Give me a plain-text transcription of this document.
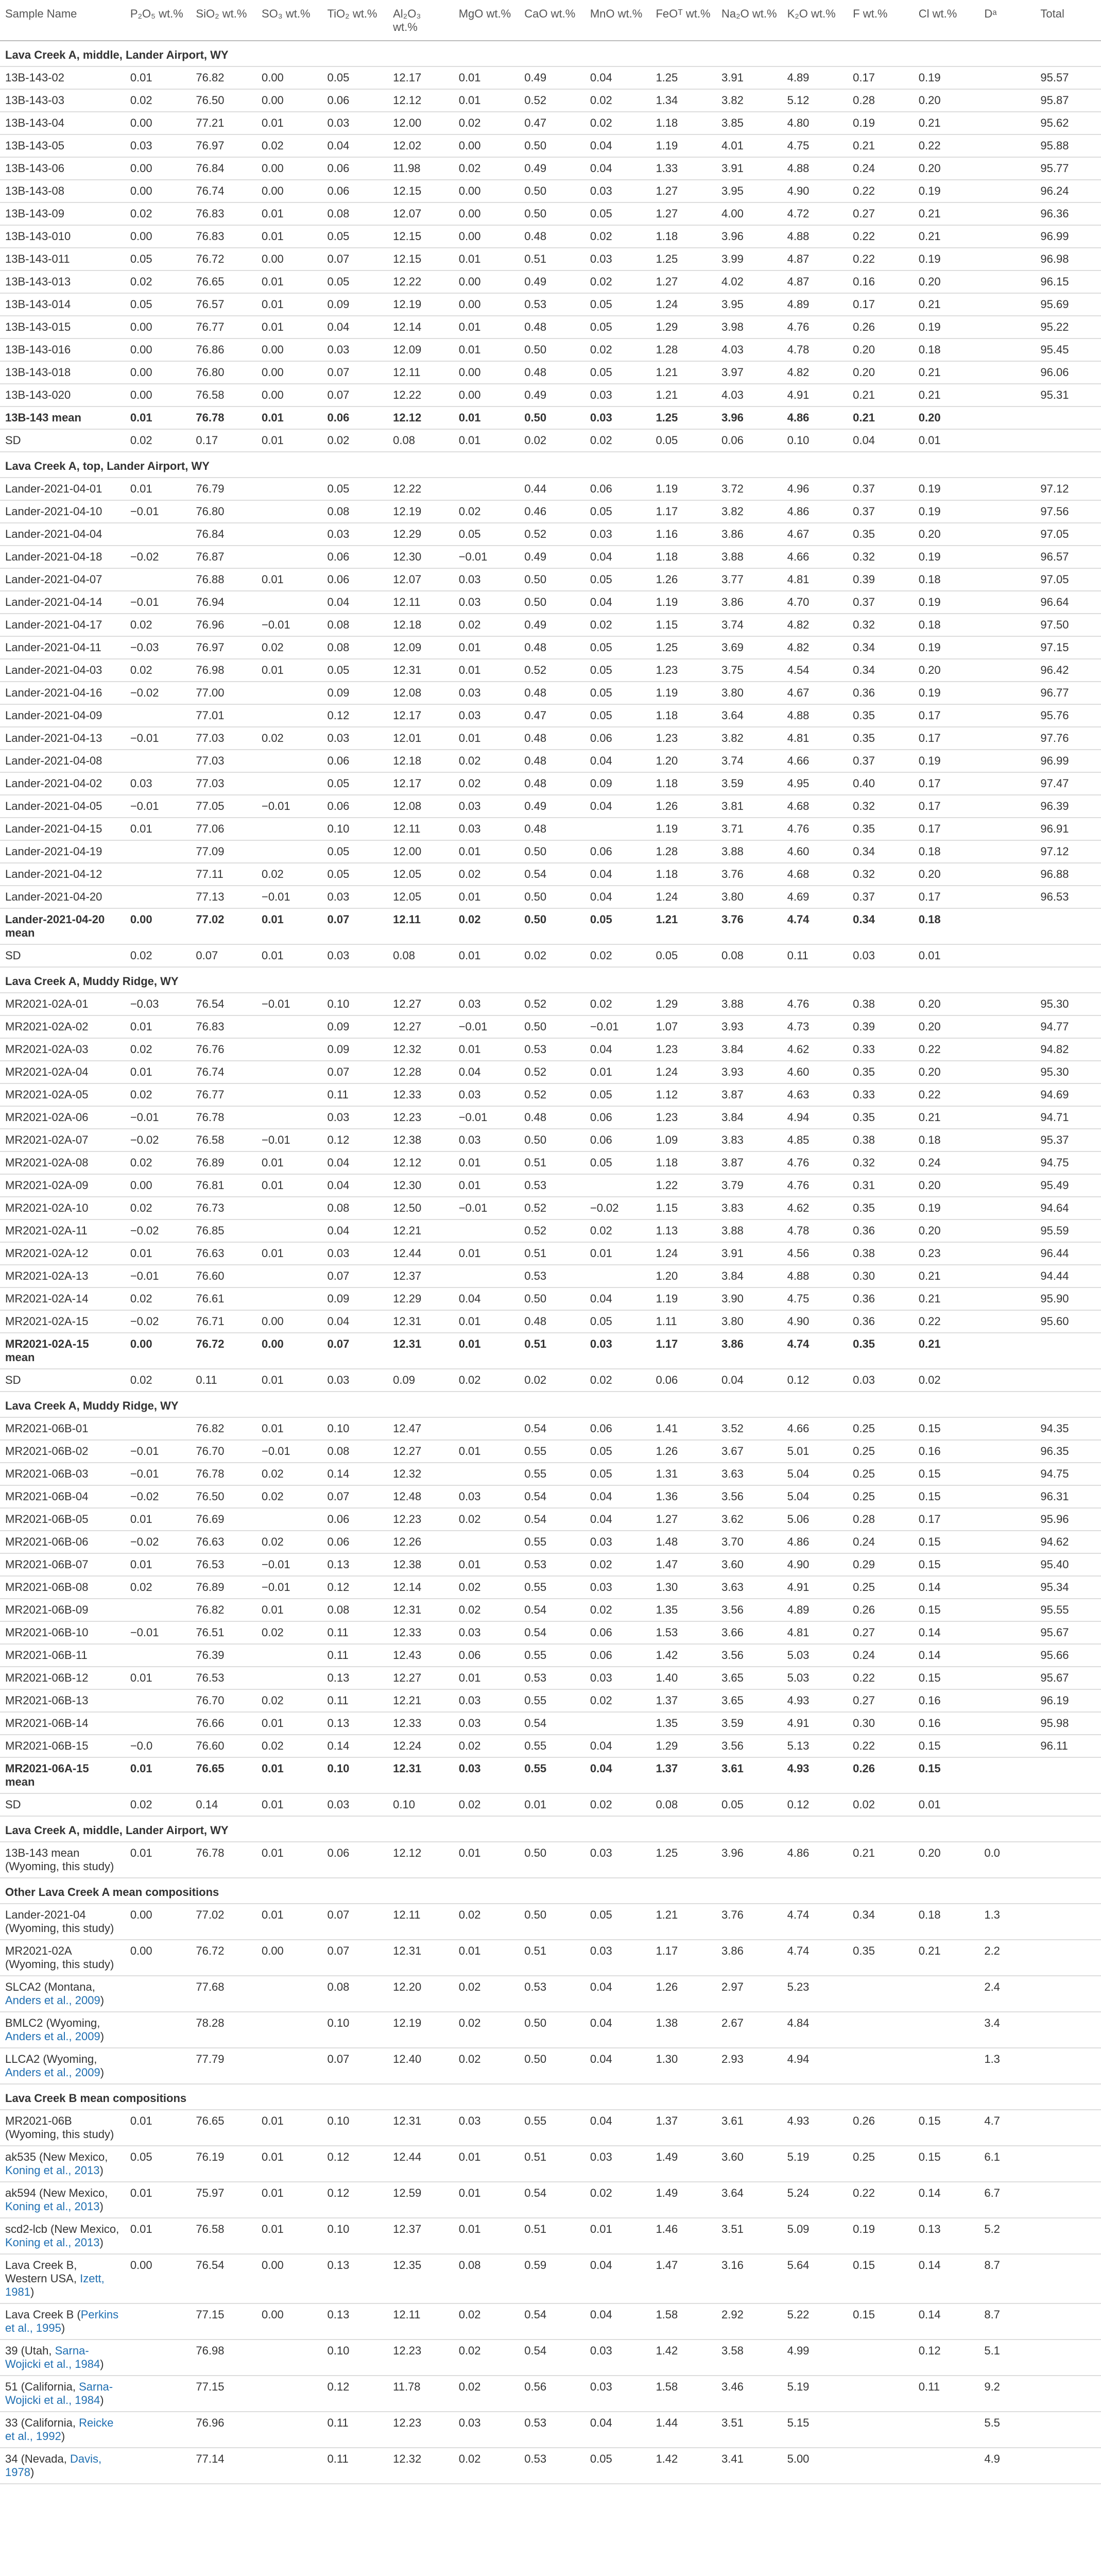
Sample Name	P₂O₅ wt.%	SiO₂ wt.%	SO₃ wt.%	TiO₂ wt.%	Al₂O₃ wt.%	MgO wt.%	CaO wt.%	MnO wt.%	FeOᵀ wt.%	Na₂O wt.%	K₂O wt.%	F wt.%	Cl wt.%	Dᵃ	Total
Lava Creek A, middle, Lander Airport, WY															
13B-143-02	0.01	76.82	0.00	0.05	12.17	0.01	0.49	0.04	1.25	3.91	4.89	0.17	0.19		95.57
13B-143-03	0.02	76.50	0.00	0.06	12.12	0.01	0.52	0.02	1.34	3.82	5.12	0.28	0.20		95.87
13B-143-04	0.00	77.21	0.01	0.03	12.00	0.02	0.47	0.02	1.18	3.85	4.80	0.19	0.21		95.62
13B-143-05	0.03	76.97	0.02	0.04	12.02	0.00	0.50	0.04	1.19	4.01	4.75	0.21	0.22		95.88
13B-143-06	0.00	76.84	0.00	0.06	11.98	0.02	0.49	0.04	1.33	3.91	4.88	0.24	0.20		95.77
13B-143-08	0.00	76.74	0.00	0.06	12.15	0.00	0.50	0.03	1.27	3.95	4.90	0.22	0.19		96.24
13B-143-09	0.02	76.83	0.01	0.08	12.07	0.00	0.50	0.05	1.27	4.00	4.72	0.27	0.21		96.36
13B-143-010	0.00	76.83	0.01	0.05	12.15	0.00	0.48	0.02	1.18	3.96	4.88	0.22	0.21		96.99
13B-143-011	0.05	76.72	0.00	0.07	12.15	0.01	0.51	0.03	1.25	3.99	4.87	0.22	0.19		96.98
13B-143-013	0.02	76.65	0.01	0.05	12.22	0.00	0.49	0.02	1.27	4.02	4.87	0.16	0.20		96.15
13B-143-014	0.05	76.57	0.01	0.09	12.19	0.00	0.53	0.05	1.24	3.95	4.89	0.17	0.21		95.69
13B-143-015	0.00	76.77	0.01	0.04	12.14	0.01	0.48	0.05	1.29	3.98	4.76	0.26	0.19		95.22
13B-143-016	0.00	76.86	0.00	0.03	12.09	0.01	0.50	0.02	1.28	4.03	4.78	0.20	0.18		95.45
13B-143-018	0.00	76.80	0.00	0.07	12.11	0.00	0.48	0.05	1.21	3.97	4.82	0.20	0.21		96.06
13B-143-020	0.00	76.58	0.00	0.07	12.22	0.00	0.49	0.03	1.21	4.03	4.91	0.21	0.21		95.31
13B-143 mean	0.01	76.78	0.01	0.06	12.12	0.01	0.50	0.03	1.25	3.96	4.86	0.21	0.20		
SD	0.02	0.17	0.01	0.02	0.08	0.01	0.02	0.02	0.05	0.06	0.10	0.04	0.01		
Lava Creek A, top, Lander Airport, WY															
Lander-2021-04-01	0.01	76.79		0.05	12.22		0.44	0.06	1.19	3.72	4.96	0.37	0.19		97.12
Lander-2021-04-10	−0.01	76.80		0.08	12.19	0.02	0.46	0.05	1.17	3.82	4.86	0.37	0.19		97.56
Lander-2021-04-04		76.84		0.03	12.29	0.05	0.52	0.03	1.16	3.86	4.67	0.35	0.20		97.05
Lander-2021-04-18	−0.02	76.87		0.06	12.30	−0.01	0.49	0.04	1.18	3.88	4.66	0.32	0.19		96.57
Lander-2021-04-07		76.88	0.01	0.06	12.07	0.03	0.50	0.05	1.26	3.77	4.81	0.39	0.18		97.05
Lander-2021-04-14	−0.01	76.94		0.04	12.11	0.03	0.50	0.04	1.19	3.86	4.70	0.37	0.19		96.64
Lander-2021-04-17	0.02	76.96	−0.01	0.08	12.18	0.02	0.49	0.02	1.15	3.74	4.82	0.32	0.18		97.50
Lander-2021-04-11	−0.03	76.97	0.02	0.08	12.09	0.01	0.48	0.05	1.25	3.69	4.82	0.34	0.19		97.15
Lander-2021-04-03	0.02	76.98	0.01	0.05	12.31	0.01	0.52	0.05	1.23	3.75	4.54	0.34	0.20		96.42
Lander-2021-04-16	−0.02	77.00		0.09	12.08	0.03	0.48	0.05	1.19	3.80	4.67	0.36	0.19		96.77
Lander-2021-04-09		77.01		0.12	12.17	0.03	0.47	0.05	1.18	3.64	4.88	0.35	0.17		95.76
Lander-2021-04-13	−0.01	77.03	0.02	0.03	12.01	0.01	0.48	0.06	1.23	3.82	4.81	0.35	0.17		97.76
Lander-2021-04-08		77.03		0.06	12.18	0.02	0.48	0.04	1.20	3.74	4.66	0.37	0.19		96.99
Lander-2021-04-02	0.03	77.03		0.05	12.17	0.02	0.48	0.09	1.18	3.59	4.95	0.40	0.17		97.47
Lander-2021-04-05	−0.01	77.05	−0.01	0.06	12.08	0.03	0.49	0.04	1.26	3.81	4.68	0.32	0.17		96.39
Lander-2021-04-15	0.01	77.06		0.10	12.11	0.03	0.48		1.19	3.71	4.76	0.35	0.17		96.91
Lander-2021-04-19		77.09		0.05	12.00	0.01	0.50	0.06	1.28	3.88	4.60	0.34	0.18		97.12
Lander-2021-04-12		77.11	0.02	0.05	12.05	0.02	0.54	0.04	1.18	3.76	4.68	0.32	0.20		96.88
Lander-2021-04-20		77.13	−0.01	0.03	12.05	0.01	0.50	0.04	1.24	3.80	4.69	0.37	0.17		96.53
Lander-2021-04-20 mean	0.00	77.02	0.01	0.07	12.11	0.02	0.50	0.05	1.21	3.76	4.74	0.34	0.18		
SD	0.02	0.07	0.01	0.03	0.08	0.01	0.02	0.02	0.05	0.08	0.11	0.03	0.01		
Lava Creek A, Muddy Ridge, WY															
MR2021-02A-01	−0.03	76.54	−0.01	0.10	12.27	0.03	0.52	0.02	1.29	3.88	4.76	0.38	0.20		95.30
MR2021-02A-02	0.01	76.83		0.09	12.27	−0.01	0.50	−0.01	1.07	3.93	4.73	0.39	0.20		94.77
MR2021-02A-03	0.02	76.76		0.09	12.32	0.01	0.53	0.04	1.23	3.84	4.62	0.33	0.22		94.82
MR2021-02A-04	0.01	76.74		0.07	12.28	0.04	0.52	0.01	1.24	3.93	4.60	0.35	0.20		95.30
MR2021-02A-05	0.02	76.77		0.11	12.33	0.03	0.52	0.05	1.12	3.87	4.63	0.33	0.22		94.69
MR2021-02A-06	−0.01	76.78		0.03	12.23	−0.01	0.48	0.06	1.23	3.84	4.94	0.35	0.21		94.71
MR2021-02A-07	−0.02	76.58	−0.01	0.12	12.38	0.03	0.50	0.06	1.09	3.83	4.85	0.38	0.18		95.37
MR2021-02A-08	0.02	76.89	0.01	0.04	12.12	0.01	0.51	0.05	1.18	3.87	4.76	0.32	0.24		94.75
MR2021-02A-09	0.00	76.81	0.01	0.04	12.30	0.01	0.53		1.22	3.79	4.76	0.31	0.20		95.49
MR2021-02A-10	0.02	76.73		0.08	12.50	−0.01	0.52	−0.02	1.15	3.83	4.62	0.35	0.19		94.64
MR2021-02A-11	−0.02	76.85		0.04	12.21		0.52	0.02	1.13	3.88	4.78	0.36	0.20		95.59
MR2021-02A-12	0.01	76.63	0.01	0.03	12.44	0.01	0.51	0.01	1.24	3.91	4.56	0.38	0.23		96.44
MR2021-02A-13	−0.01	76.60		0.07	12.37		0.53		1.20	3.84	4.88	0.30	0.21		94.44
MR2021-02A-14	0.02	76.61		0.09	12.29	0.04	0.50	0.04	1.19	3.90	4.75	0.36	0.21		95.90
MR2021-02A-15	−0.02	76.71	0.00	0.04	12.31	0.01	0.48	0.05	1.11	3.80	4.90	0.36	0.22		95.60
MR2021-02A-15 mean	0.00	76.72	0.00	0.07	12.31	0.01	0.51	0.03	1.17	3.86	4.74	0.35	0.21		
SD	0.02	0.11	0.01	0.03	0.09	0.02	0.02	0.02	0.06	0.04	0.12	0.03	0.02		
Lava Creek A, Muddy Ridge, WY															
MR2021-06B-01		76.82	0.01	0.10	12.47		0.54	0.06	1.41	3.52	4.66	0.25	0.15		94.35
MR2021-06B-02	−0.01	76.70	−0.01	0.08	12.27	0.01	0.55	0.05	1.26	3.67	5.01	0.25	0.16		96.35
MR2021-06B-03	−0.01	76.78	0.02	0.14	12.32		0.55	0.05	1.31	3.63	5.04	0.25	0.15		94.75
MR2021-06B-04	−0.02	76.50	0.02	0.07	12.48	0.03	0.54	0.04	1.36	3.56	5.04	0.25	0.15		96.31
MR2021-06B-05	0.01	76.69		0.06	12.23	0.02	0.54	0.04	1.27	3.62	5.06	0.28	0.17		95.96
MR2021-06B-06	−0.02	76.63	0.02	0.06	12.26		0.55	0.03	1.48	3.70	4.86	0.24	0.15		94.62
MR2021-06B-07	0.01	76.53	−0.01	0.13	12.38	0.01	0.53	0.02	1.47	3.60	4.90	0.29	0.15		95.40
MR2021-06B-08	0.02	76.89	−0.01	0.12	12.14	0.02	0.55	0.03	1.30	3.63	4.91	0.25	0.14		95.34
MR2021-06B-09		76.82	0.01	0.08	12.31	0.02	0.54	0.02	1.35	3.56	4.89	0.26	0.15		95.55
MR2021-06B-10	−0.01	76.51	0.02	0.11	12.33	0.03	0.54	0.06	1.53	3.66	4.81	0.27	0.14		95.67
MR2021-06B-11		76.39		0.11	12.43	0.06	0.55	0.06	1.42	3.56	5.03	0.24	0.14		95.66
MR2021-06B-12	0.01	76.53		0.13	12.27	0.01	0.53	0.03	1.40	3.65	5.03	0.22	0.15		95.67
MR2021-06B-13		76.70	0.02	0.11	12.21	0.03	0.55	0.02	1.37	3.65	4.93	0.27	0.16		96.19
MR2021-06B-14		76.66	0.01	0.13	12.33	0.03	0.54		1.35	3.59	4.91	0.30	0.16		95.98
MR2021-06B-15	−0.0	76.60	0.02	0.14	12.24	0.02	0.55	0.04	1.29	3.56	5.13	0.22	0.15		96.11
MR2021-06A-15 mean	0.01	76.65	0.01	0.10	12.31	0.03	0.55	0.04	1.37	3.61	4.93	0.26	0.15		
SD	0.02	0.14	0.01	0.03	0.10	0.02	0.01	0.02	0.08	0.05	0.12	0.02	0.01		
Lava Creek A, middle, Lander Airport, WY															
13B-143 mean (Wyoming, this study)	0.01	76.78	0.01	0.06	12.12	0.01	0.50	0.03	1.25	3.96	4.86	0.21	0.20	0.0	
Other Lava Creek A mean compositions															
Lander-2021-04 (Wyoming, this study)	0.00	77.02	0.01	0.07	12.11	0.02	0.50	0.05	1.21	3.76	4.74	0.34	0.18	1.3	
MR2021-02A (Wyoming, this study)	0.00	76.72	0.00	0.07	12.31	0.01	0.51	0.03	1.17	3.86	4.74	0.35	0.21	2.2	
SLCA2 (Montana, Anders et al., 2009)		77.68		0.08	12.20	0.02	0.53	0.04	1.26	2.97	5.23			2.4	
BMLC2 (Wyoming, Anders et al., 2009)		78.28		0.10	12.19	0.02	0.50	0.04	1.38	2.67	4.84			3.4	
LLCA2 (Wyoming, Anders et al., 2009)		77.79		0.07	12.40	0.02	0.50	0.04	1.30	2.93	4.94			1.3	
Lava Creek B mean compositions															
MR2021-06B (Wyoming, this study)	0.01	76.65	0.01	0.10	12.31	0.03	0.55	0.04	1.37	3.61	4.93	0.26	0.15	4.7	
ak535 (New Mexico, Koning et al., 2013)	0.05	76.19	0.01	0.12	12.44	0.01	0.51	0.03	1.49	3.60	5.19	0.25	0.15	6.1	
ak594 (New Mexico, Koning et al., 2013)	0.01	75.97	0.01	0.12	12.59	0.01	0.54	0.02	1.49	3.64	5.24	0.22	0.14	6.7	
scd2-lcb (New Mexico, Koning et al., 2013)	0.01	76.58	0.01	0.10	12.37	0.01	0.51	0.01	1.46	3.51	5.09	0.19	0.13	5.2	
Lava Creek B, Western USA, Izett, 1981)	0.00	76.54	0.00	0.13	12.35	0.08	0.59	0.04	1.47	3.16	5.64	0.15	0.14	8.7	
Lava Creek B (Perkins et al., 1995)		77.15	0.00	0.13	12.11	0.02	0.54	0.04	1.58	2.92	5.22	0.15	0.14	8.7	
39 (Utah, Sarna-Wojicki et al., 1984)		76.98		0.10	12.23	0.02	0.54	0.03	1.42	3.58	4.99		0.12	5.1	
51 (California, Sarna-Wojicki et al., 1984)		77.15		0.12	11.78	0.02	0.56	0.03	1.58	3.46	5.19		0.11	9.2	
33 (California, Reicke et al., 1992)		76.96		0.11	12.23	0.03	0.53	0.04	1.44	3.51	5.15			5.5	
34 (Nevada, Davis, 1978)		77.14		0.11	12.32	0.02	0.53	0.05	1.42	3.41	5.00			4.9	
